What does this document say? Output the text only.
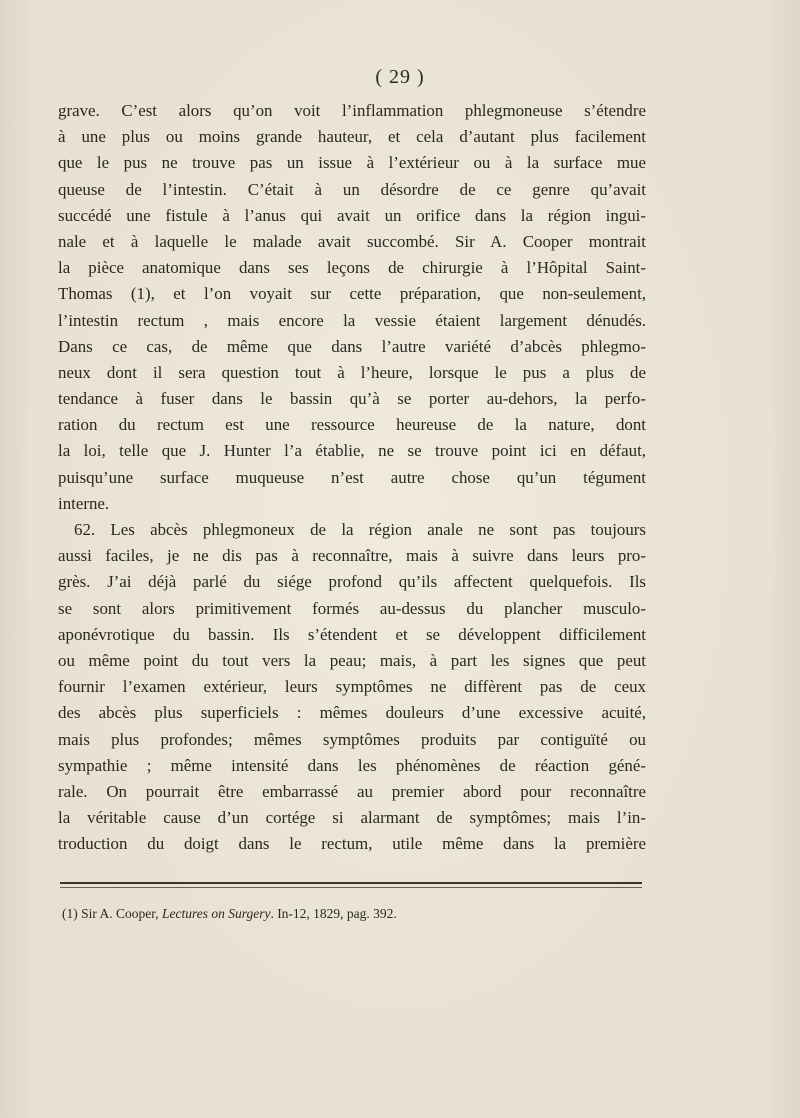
( 29 )
grave. C’est alors qu’on voit l’inflammation phlegmoneuse s’étendre
à une plus ou moins grande hauteur, et cela d’autant plus facilement
que le pus ne trouve pas un issue à l’extérieur ou à la surface mue
queuse de l’intestin. C’était à un désordre de ce genre qu’avait
succédé une fistule à l’anus qui avait un orifice dans la région ingui-
nale et à laquelle le malade avait succombé. Sir A. Cooper montrait
la pièce anatomique dans ses leçons de chirurgie à l’Hôpital Saint-
Thomas (1), et l’on voyait sur cette préparation, que non-seulement,
l’intestin rectum , mais encore la vessie étaient largement dénudés.
Dans ce cas, de même que dans l’autre variété d’abcès phlegmo-
neux dont il sera question tout à l’heure, lorsque le pus a plus de
tendance à fuser dans le bassin qu’à se porter au-dehors, la perfo-
ration du rectum est une ressource heureuse de la nature, dont
la loi, telle que J. Hunter l’a établie, ne se trouve point ici en défaut,
puisqu’une surface muqueuse n’est autre chose qu’un tégument
interne.
62. Les abcès phlegmoneux de la région anale ne sont pas toujours
aussi faciles, je ne dis pas à reconnaître, mais à suivre dans leurs pro-
grès. J’ai déjà parlé du siége profond qu’ils affectent quelquefois. Ils
se sont alors primitivement formés au-dessus du plancher musculo-
aponévrotique du bassin. Ils s’étendent et se développent difficilement
ou même point du tout vers la peau; mais, à part les signes que peut
fournir l’examen extérieur, leurs symptômes ne diffèrent pas de ceux
des abcès plus superficiels : mêmes douleurs d’une excessive acuité,
mais plus profondes; mêmes symptômes produits par contiguïté ou
sympathie ; même intensité dans les phénomènes de réaction géné-
rale. On pourrait être embarrassé au premier abord pour reconnaître
la véritable cause d’un cortége si alarmant de symptômes; mais l’in-
troduction du doigt dans le rectum, utile même dans la première
(1) Sir A. Cooper, Lectures on Surgery. In-12, 1829, pag. 392.
